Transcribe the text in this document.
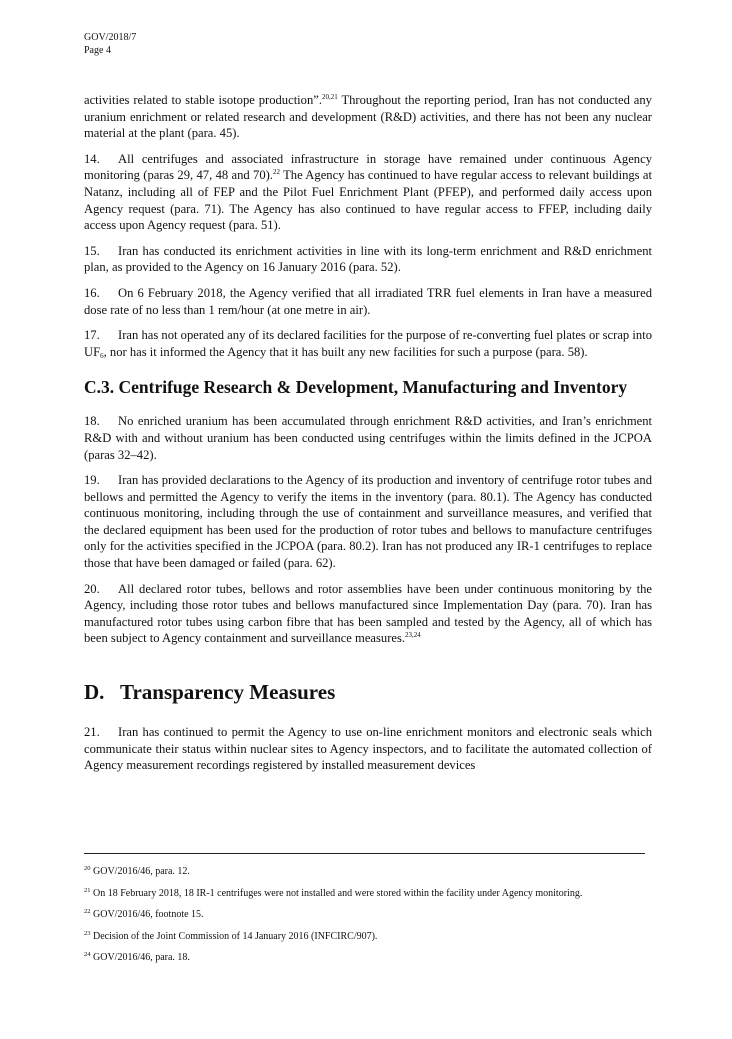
GOV/2018/7
Page 4

activities related to stable isotope production”.$^{20,21}$ Throughout the reporting period, Iran has not conducted any uranium enrichment or related research and development (R&D) activities, and there has not been any nuclear material at the plant (para. 45).

14. All centrifuges and associated infrastructure in storage have remained under continuous Agency monitoring (paras 29, 47, 48 and 70).$^{22}$ The Agency has continued to have regular access to relevant buildings at Natanz, including all of FEP and the Pilot Fuel Enrichment Plant (PFEP), and performed daily access upon Agency request (para. 71). The Agency has also continued to have regular access to FFEP, including daily access upon Agency request (para. 51).

15. Iran has conducted its enrichment activities in line with its long-term enrichment and R&D enrichment plan, as provided to the Agency on 16 January 2016 (para. 52).

16. On 6 February 2018, the Agency verified that all irradiated TRR fuel elements in Iran have a measured dose rate of no less than 1 rem/hour (at one metre in air).

17. Iran has not operated any of its declared facilities for the purpose of re-converting fuel plates or scrap into $UF_6$, nor has it informed the Agency that it has built any new facilities for such a purpose (para. 58).

C.3. Centrifuge Research & Development, Manufacturing and Inventory

18. No enriched uranium has been accumulated through enrichment R&D activities, and Iran’s enrichment R&D with and without uranium has been conducted using centrifuges within the limits defined in the JCPOA (paras 32–42).

19. Iran has provided declarations to the Agency of its production and inventory of centrifuge rotor tubes and bellows and permitted the Agency to verify the items in the inventory (para. 80.1). The Agency has conducted continuous monitoring, including through the use of containment and surveillance measures, and verified that the declared equipment has been used for the production of rotor tubes and bellows to manufacture centrifuges only for the activities specified in the JCPOA (para. 80.2). Iran has not produced any IR-1 centrifuges to replace those that have been damaged or failed (para. 62).

20. All declared rotor tubes, bellows and rotor assemblies have been under continuous monitoring by the Agency, including those rotor tubes and bellows manufactured since Implementation Day (para. 70). Iran has manufactured rotor tubes using carbon fibre that has been sampled and tested by the Agency, all of which has been subject to Agency containment and surveillance measures.$^{23,24}$

D. Transparency Measures

21. Iran has continued to permit the Agency to use on-line enrichment monitors and electronic seals which communicate their status within nuclear sites to Agency inspectors, and to facilitate the automated collection of Agency measurement recordings registered by installed measurement devices

$^{20}$ GOV/2016/46, para. 12.
$^{21}$ On 18 February 2018, 18 IR-1 centrifuges were not installed and were stored within the facility under Agency monitoring.
$^{22}$ GOV/2016/46, footnote 15.
$^{23}$ Decision of the Joint Commission of 14 January 2016 (INFCIRC/907).
$^{24}$ GOV/2016/46, para. 18.
